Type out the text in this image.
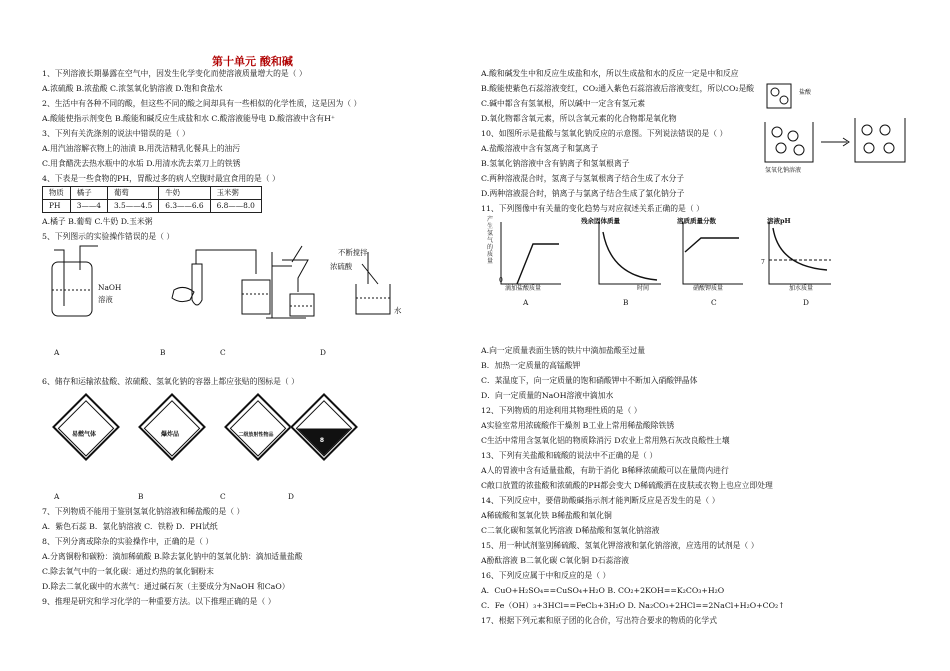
第十单元 酸和碱
1、下列溶液长期暴露在空气中，因发生化学变化而使溶液质量增大的是（ ）
A.浓硫酸 B.浓盐酸 C.浓氢氧化钠溶液 D.饱和食盐水
2、生活中有各种不同的酸，但这些不同的酸之间却具有一些相似的化学性质，这是因为（ ）
A.酸能使指示剂变色 B.酸能和碱反应生成盐和水 C.酸溶液能导电 D.酸溶液中含有H⁺
3、下列有关洗涤剂的说法中错误的是（ ）
A.用汽油溶解衣物上的油渍 B.用洗洁精乳化餐具上的油污
C.用食醋洗去热水瓶中的水垢 D.用清水洗去菜刀上的铁锈
4、下表是一些食物的PH，胃酸过多的病人空腹时最宜食用的是（ ）
物质	橘子	葡萄	牛奶	玉米粥
PH	3——4	3.5——4.5	6.3——6.6	6.8——8.0
A.橘子 B.葡萄 C.牛奶 D.玉米粥
5、下列图示的实验操作错误的是（ ）
NaOH
溶液
不断搅拌
浓硫酸
水
A	B	C	D
6、储存和运输浓盐酸、浓硫酸、氢氧化钠的容器上都应张贴的图标是（ ）
易燃气体	爆炸品	二级放射性物品
腐蚀品
8
A	B	C	D
7、下列物质不能用于鉴别氢氧化钠溶液和稀盐酸的是（ ）
A．紫色石蕊 B．氯化钠溶液 C．铁粉 D．PH试纸
8、下列分离或除杂的实验操作中，正确的是（ ）
A.分离铜粉和碳粉：滴加稀硫酸 B.除去氯化钠中的氢氧化钠：滴加适量盐酸
C.除去氧气中的一氧化碳：通过灼热的氧化铜粉末
D.除去二氧化碳中的水蒸气：通过碱石灰（主要成分为NaOH 和CaO）
9、推理是研究和学习化学的一种重要方法。以下推理正确的是（ ）
A.酸和碱发生中和反应生成盐和水，所以生成盐和水的反应一定是中和反应
B.酸能使紫色石蕊溶液变红，CO₂通入紫色石蕊溶液后溶液变红，所以CO₂是酸
C.碱中都含有氢氧根，所以碱中一定含有氢元素
D.氧化物都含氧元素，所以含氧元素的化合物都是氧化物
10、如图所示是盐酸与氢氧化钠反应的示意图。下列说法错误的是（ ）
A.盐酸溶液中含有氢离子和氯离子
B.氢氧化钠溶液中含有钠离子和氢氧根离子
C.两种溶液混合时，氢离子与氢氧根离子结合生成了水分子
D.两种溶液混合时，钠离子与氯离子结合生成了氯化钠分子
盐酸
氢氧化钠溶液
11、下列图像中有关量的变化趋势与对应叙述关系正确的是（ ）
产生氢气的质量
滴加盐酸质量
0
A
残余固体质量
时间
B
溶质质量分数
硝酸钾质量
C
溶液pH
7
加水质量
D
A.向一定质量表面生锈的铁片中滴加盐酸至过量
B．加热一定质量的高锰酸钾
C．某温度下，向一定质量的饱和硝酸钾中不断加入硝酸钾晶体
D．向一定质量的NaOH溶液中滴加水
12、下列物质的用途利用其物理性质的是（ ）
A实验室常用浓硫酸作干燥剂 B工业上常用稀盐酸除铁锈
C生活中常用含氢氧化铝的物质除消污 D农业上常用熟石灰改良酸性土壤
13、下列有关盐酸和硫酸的说法中不正确的是（ ）
A人的胃液中含有适量盐酸，有助于消化 B稀释浓硫酸可以在量筒内进行
C敞口放置的浓盐酸和浓硫酸的PH都会变大 D稀硫酸洒在皮肤或衣物上也应立即处理
14、下列反应中，要借助酸碱指示剂才能判断反应是否发生的是（ ）
A稀硫酸和氢氧化铁 B稀盐酸和氧化铜
C二氧化碳和氢氧化钙溶液 D稀盐酸和氢氧化钠溶液
15、用一种试剂鉴别稀硫酸、氢氧化钾溶液和氯化钠溶液，应选用的试剂是（ ）
A酚酞溶液 B二氧化碳 C氧化铜 D石蕊溶液
16、下列反应属于中和反应的是（ ）
A．CuO+H₂SO₄==CuSO₄+H₂O B. CO₂+2KOH==K₂CO₃+H₂O
C．Fe（OH）₃+3HCl==FeCl₃+3H₂O D. Na₂CO₃+2HCl==2NaCl+H₂O+CO₂↑
17、根据下列元素和原子团的化合价，写出符合要求的物质的化学式
